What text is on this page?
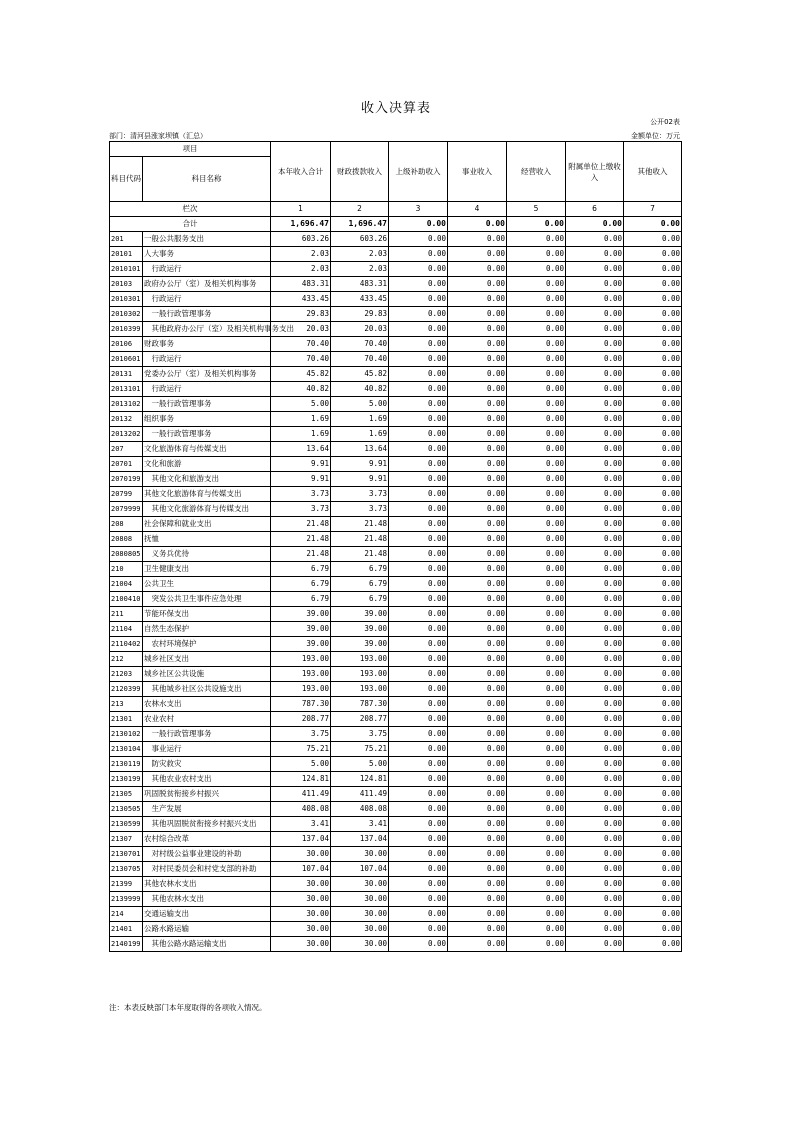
收入决算表
公开02表
部门：清河县涨家坝镇（汇总）	金额单位：万元
项目		本年收入合计	财政拨款收入	上级补助收入	事业收入	经营收入	附属单位上缴收入	其他收入
科目代码	科目名称							

栏次		1	2	3	4	5	6	7
合计		1,696.47	1,696.47	0.00	0.00	0.00	0.00	0.00
201	一般公共服务支出	603.26	603.26	0.00	0.00	0.00	0.00	0.00
20101	人大事务	2.03	2.03	0.00	0.00	0.00	0.00	0.00
2010101	　行政运行	2.03	2.03	0.00	0.00	0.00	0.00	0.00
20103	政府办公厅（室）及相关机构事务	483.31	483.31	0.00	0.00	0.00	0.00	0.00
2010301	　行政运行	433.45	433.45	0.00	0.00	0.00	0.00	0.00
2010302	　一般行政管理事务	29.83	29.83	0.00	0.00	0.00	0.00	0.00
2010399	　其他政府办公厅（室）及相关机构事务支出	20.03	20.03	0.00	0.00	0.00	0.00	0.00
20106	财政事务	70.40	70.40	0.00	0.00	0.00	0.00	0.00
2010601	　行政运行	70.40	70.40	0.00	0.00	0.00	0.00	0.00
20131	党委办公厅（室）及相关机构事务	45.82	45.82	0.00	0.00	0.00	0.00	0.00
2013101	　行政运行	40.82	40.82	0.00	0.00	0.00	0.00	0.00
2013102	　一般行政管理事务	5.00	5.00	0.00	0.00	0.00	0.00	0.00
20132	组织事务	1.69	1.69	0.00	0.00	0.00	0.00	0.00
2013202	　一般行政管理事务	1.69	1.69	0.00	0.00	0.00	0.00	0.00
207	文化旅游体育与传媒支出	13.64	13.64	0.00	0.00	0.00	0.00	0.00
20701	文化和旅游	9.91	9.91	0.00	0.00	0.00	0.00	0.00
2070199	　其他文化和旅游支出	9.91	9.91	0.00	0.00	0.00	0.00	0.00
20799	其他文化旅游体育与传媒支出	3.73	3.73	0.00	0.00	0.00	0.00	0.00
2079999	　其他文化旅游体育与传媒支出	3.73	3.73	0.00	0.00	0.00	0.00	0.00
208	社会保障和就业支出	21.48	21.48	0.00	0.00	0.00	0.00	0.00
20808	抚恤	21.48	21.48	0.00	0.00	0.00	0.00	0.00
2080805	　义务兵优待	21.48	21.48	0.00	0.00	0.00	0.00	0.00
210	卫生健康支出	6.79	6.79	0.00	0.00	0.00	0.00	0.00
21004	公共卫生	6.79	6.79	0.00	0.00	0.00	0.00	0.00
2100410	　突发公共卫生事件应急处理	6.79	6.79	0.00	0.00	0.00	0.00	0.00
211	节能环保支出	39.00	39.00	0.00	0.00	0.00	0.00	0.00
21104	自然生态保护	39.00	39.00	0.00	0.00	0.00	0.00	0.00
2110402	　农村环境保护	39.00	39.00	0.00	0.00	0.00	0.00	0.00
212	城乡社区支出	193.00	193.00	0.00	0.00	0.00	0.00	0.00
21203	城乡社区公共设施	193.00	193.00	0.00	0.00	0.00	0.00	0.00
2120399	　其他城乡社区公共设施支出	193.00	193.00	0.00	0.00	0.00	0.00	0.00
213	农林水支出	787.30	787.30	0.00	0.00	0.00	0.00	0.00
21301	农业农村	208.77	208.77	0.00	0.00	0.00	0.00	0.00
2130102	　一般行政管理事务	3.75	3.75	0.00	0.00	0.00	0.00	0.00
2130104	　事业运行	75.21	75.21	0.00	0.00	0.00	0.00	0.00
2130119	　防灾救灾	5.00	5.00	0.00	0.00	0.00	0.00	0.00
2130199	　其他农业农村支出	124.81	124.81	0.00	0.00	0.00	0.00	0.00
21305	巩固脱贫衔接乡村振兴	411.49	411.49	0.00	0.00	0.00	0.00	0.00
2130505	　生产发展	408.08	408.08	0.00	0.00	0.00	0.00	0.00
2130599	　其他巩固脱贫衔接乡村振兴支出	3.41	3.41	0.00	0.00	0.00	0.00	0.00
21307	农村综合改革	137.04	137.04	0.00	0.00	0.00	0.00	0.00
2130701	　对村级公益事业建设的补助	30.00	30.00	0.00	0.00	0.00	0.00	0.00
2130705	　对村民委员会和村党支部的补助	107.04	107.04	0.00	0.00	0.00	0.00	0.00
21399	其他农林水支出	30.00	30.00	0.00	0.00	0.00	0.00	0.00
2139999	　其他农林水支出	30.00	30.00	0.00	0.00	0.00	0.00	0.00
214	交通运输支出	30.00	30.00	0.00	0.00	0.00	0.00	0.00
21401	公路水路运输	30.00	30.00	0.00	0.00	0.00	0.00	0.00
2140199	　其他公路水路运输支出	30.00	30.00	0.00	0.00	0.00	0.00	0.00
注：本表反映部门本年度取得的各项收入情况。
